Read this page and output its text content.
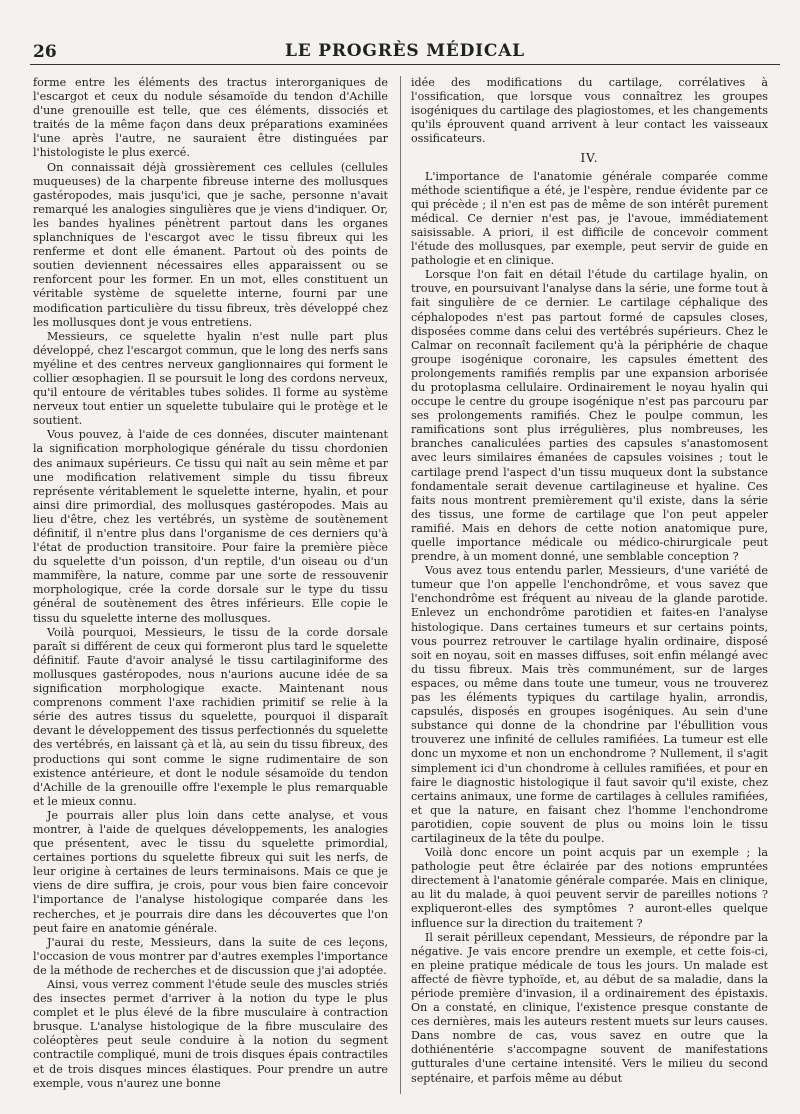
26	LE PROGRÈS MÉDICAL

forme entre les éléments des tractus interorganiques de l'escargot et ceux du nodule sésamoïde du tendon d'Achille d'une grenouille est telle, que ces éléments, dissociés et traités de la même façon dans deux préparations examinées l'une après l'autre, ne sauraient être distinguées par l'histologiste le plus exercé.

On connaissait déjà grossièrement ces cellules (cellules muqueuses) de la charpente fibreuse interne des mollusques gastéropodes, mais jusqu'ici, que je sache, personne n'avait remarqué les analogies singulières que je viens d'indiquer. Or, les bandes hyalines pénètrent partout dans les organes splanchniques de l'escargot avec le tissu fibreux qui les renferme et dont elle émanent. Partout où des points de soutien deviennent nécessaires elles apparaissent ou se renforcent pour les former. En un mot, elles constituent un véritable système de squelette interne, fourni par une modification particulière du tissu fibreux, très développé chez les mollusques dont je vous entretiens.

Messieurs, ce squelette hyalin n'est nulle part plus développé, chez l'escargot commun, que le long des nerfs sans myéline et des centres nerveux ganglionnaires qui forment le collier œsophagien. Il se poursuit le long des cordons nerveux, qu'il entoure de véritables tubes solides. Il forme au système nerveux tout entier un squelette tubulaire qui le protège et le soutient.

Vous pouvez, à l'aide de ces données, discuter maintenant la signification morphologique générale du tissu chordonien des animaux supérieurs. Ce tissu qui naît au sein même et par une modification relativement simple du tissu fibreux représente véritablement le squelette interne, hyalin, et pour ainsi dire primordial, des mollusques gastéropodes. Mais au lieu d'être, chez les vertébrés, un système de soutènement définitif, il n'entre plus dans l'organisme de ces derniers qu'à l'état de production transitoire. Pour faire la première pièce du squelette d'un poisson, d'un reptile, d'un oiseau ou d'un mammifère, la nature, comme par une sorte de ressouvenir morphologique, crée la corde dorsale sur le type du tissu général de soutènement des êtres inférieurs. Elle copie le tissu du squelette interne des mollusques.

Voilà pourquoi, Messieurs, le tissu de la corde dorsale paraît si différent de ceux qui formeront plus tard le squelette définitif. Faute d'avoir analysé le tissu cartilaginiforme des mollusques gastéropodes, nous n'aurions aucune idée de sa signification morphologique exacte. Maintenant nous comprenons comment l'axe rachidien primitif se relie à la série des autres tissus du squelette, pourquoi il disparaît devant le développement des tissus perfectionnés du squelette des vertébrés, en laissant çà et là, au sein du tissu fibreux, des productions qui sont comme le signe rudimentaire de son existence antérieure, et dont le nodule sésamoïde du tendon d'Achille de la grenouille offre l'exemple le plus remarquable et le mieux connu.

Je pourrais aller plus loin dans cette analyse, et vous montrer, à l'aide de quelques développements, les analogies que présentent, avec le tissu du squelette primordial, certaines portions du squelette fibreux qui suit les nerfs, de leur origine à certaines de leurs terminaisons. Mais ce que je viens de dire suffira, je crois, pour vous bien faire concevoir l'importance de l'analyse histologique comparée dans les recherches, et je pourrais dire dans les découvertes que l'on peut faire en anatomie générale.

J'aurai du reste, Messieurs, dans la suite de ces leçons, l'occasion de vous montrer par d'autres exemples l'importance de la méthode de recherches et de discussion que j'ai adoptée.

Ainsi, vous verrez comment l'étude seule des muscles striés des insectes permet d'arriver à la notion du type le plus complet et le plus élevé de la fibre musculaire à contraction brusque. L'analyse histologique de la fibre musculaire des coléoptères peut seule conduire à la notion du segment contractile compliqué, muni de trois disques épais contractiles et de trois disques minces élastiques. Pour prendre un autre exemple, vous n'aurez une bonne

idée des modifications du cartilage, corrélatives à l'ossification, que lorsque vous connaîtrez les groupes isogéniques du cartilage des plagiostomes, et les changements qu'ils éprouvent quand arrivent à leur contact les vaisseaux ossificateurs.

IV.

L'importance de l'anatomie générale comparée comme méthode scientifique a été, je l'espère, rendue évidente par ce qui précède ; il n'en est pas de même de son intérêt purement médical. Ce dernier n'est pas, je l'avoue, immédiatement saisissable. A priori, il est difficile de concevoir comment l'étude des mollusques, par exemple, peut servir de guide en pathologie et en clinique.

Lorsque l'on fait en détail l'étude du cartilage hyalin, on trouve, en poursuivant l'analyse dans la série, une forme tout à fait singulière de ce dernier. Le cartilage céphalique des céphalopodes n'est pas partout formé de capsules closes, disposées comme dans celui des vertébrés supérieurs. Chez le Calmar on reconnaît facilement qu'à la périphérie de chaque groupe isogénique coronaire, les capsules émettent des prolongements ramifiés remplis par une expansion arborisée du protoplasma cellulaire. Ordinairement le noyau hyalin qui occupe le centre du groupe isogénique n'est pas parcouru par ses prolongements ramifiés. Chez le poulpe commun, les ramifications sont plus irrégulières, plus nombreuses, les branches canaliculées parties des capsules s'anastomosent avec leurs similaires émanées de capsules voisines ; tout le cartilage prend l'aspect d'un tissu muqueux dont la substance fondamentale serait devenue cartilagineuse et hyaline. Ces faits nous montrent premièrement qu'il existe, dans la série des tissus, une forme de cartilage que l'on peut appeler ramifié. Mais en dehors de cette notion anatomique pure, quelle importance médicale ou médico-chirurgicale peut prendre, à un moment donné, une semblable conception ?

Vous avez tous entendu parler, Messieurs, d'une variété de tumeur que l'on appelle l'enchondrôme, et vous savez que l'enchondrôme est fréquent au niveau de la glande parotide. Enlevez un enchondrôme parotidien et faites-en l'analyse histologique. Dans certaines tumeurs et sur certains points, vous pourrez retrouver le cartilage hyalin ordinaire, disposé soit en noyau, soit en masses diffuses, soit enfin mélangé avec du tissu fibreux. Mais très communément, sur de larges espaces, ou même dans toute une tumeur, vous ne trouverez pas les éléments typiques du cartilage hyalin, arrondis, capsulés, disposés en groupes isogéniques. Au sein d'une substance qui donne de la chondrine par l'ébullition vous trouverez une infinité de cellules ramifiées. La tumeur est elle donc un myxome et non un enchondrome ? Nullement, il s'agit simplement ici d'un chondrome à cellules ramifiées, et pour en faire le diagnostic histologique il faut savoir qu'il existe, chez certains animaux, une forme de cartilages à cellules ramifiées, et que la nature, en faisant chez l'homme l'enchondrome parotidien, copie souvent de plus ou moins loin le tissu cartilagineux de la tête du poulpe.

Voilà donc encore un point acquis par un exemple ; la pathologie peut être éclairée par des notions empruntées directement à l'anatomie générale comparée. Mais en clinique, au lit du malade, à quoi peuvent servir de pareilles notions ? expliqueront-elles des symptômes ? auront-elles quelque influence sur la direction du traitement ?

Il serait périlleux cependant, Messieurs, de répondre par la négative. Je vais encore prendre un exemple, et cette fois-ci, en pleine pratique médicale de tous les jours. Un malade est affecté de fièvre typhoïde, et, au début de sa maladie, dans la période première d'invasion, il a ordinairement des épistaxis. On a constaté, en clinique, l'existence presque constante de ces dernières, mais les auteurs restent muets sur leurs causes. Dans nombre de cas, vous savez en outre que la dothiénentérie s'accompagne souvent de manifestations gutturales d'une certaine intensité. Vers le milieu du second septénaire, et parfois même au début
